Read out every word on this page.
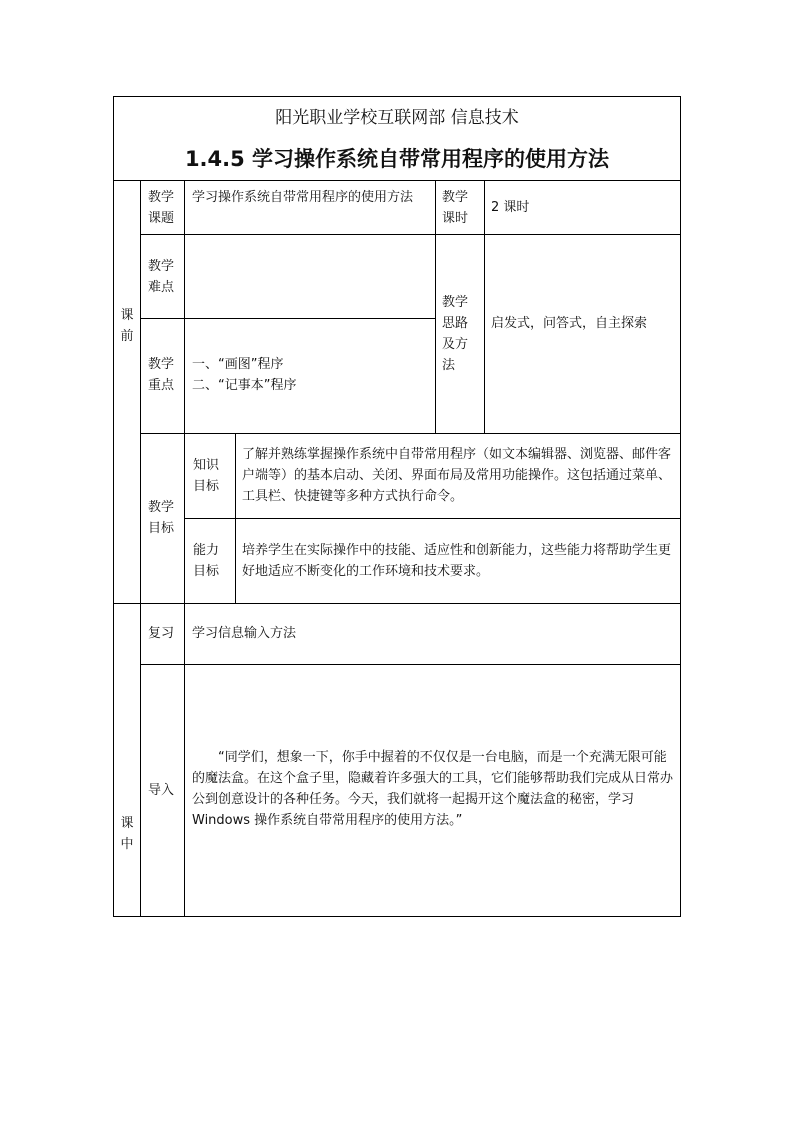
阳光职业学校互联网部 信息技术
1.4.5 学习操作系统自带常用程序的使用方法
课 前
课 中
教学
课题
学习操作系统自带常用程序的使用方法	教学
课时
2 课时
教学
难点
教学
重点
一、“画图”程序
二、“记事本”程序
教学
思路
及方
法
启发式，问答式，自主探索
教学
目标
知识
目标
了解并熟练掌握操作系统中自带常用程序（如文本编辑器、浏览器、邮件客户端等）的基本启动、关闭、界面布局及常用功能操作。这包括通过菜单、工具栏、快捷键等多种方式执行命令。
能力
目标
培养学生在实际操作中的技能、适应性和创新能力，这些能力将帮助学生更好地适应不断变化的工作环境和技术要求。
复习 学习信息输入方法
导入
“同学们，想象一下，你手中握着的不仅仅是一台电脑，而是一个充满无限可能的魔法盒。在这个盒子里，隐藏着许多强大的工具，它们能够帮助我们完成从日常办公到创意设计的各种任务。今天，我们就将一起揭开这个魔法盒的秘密，学习 Windows 操作系统自带常用程序的使用方法。”
